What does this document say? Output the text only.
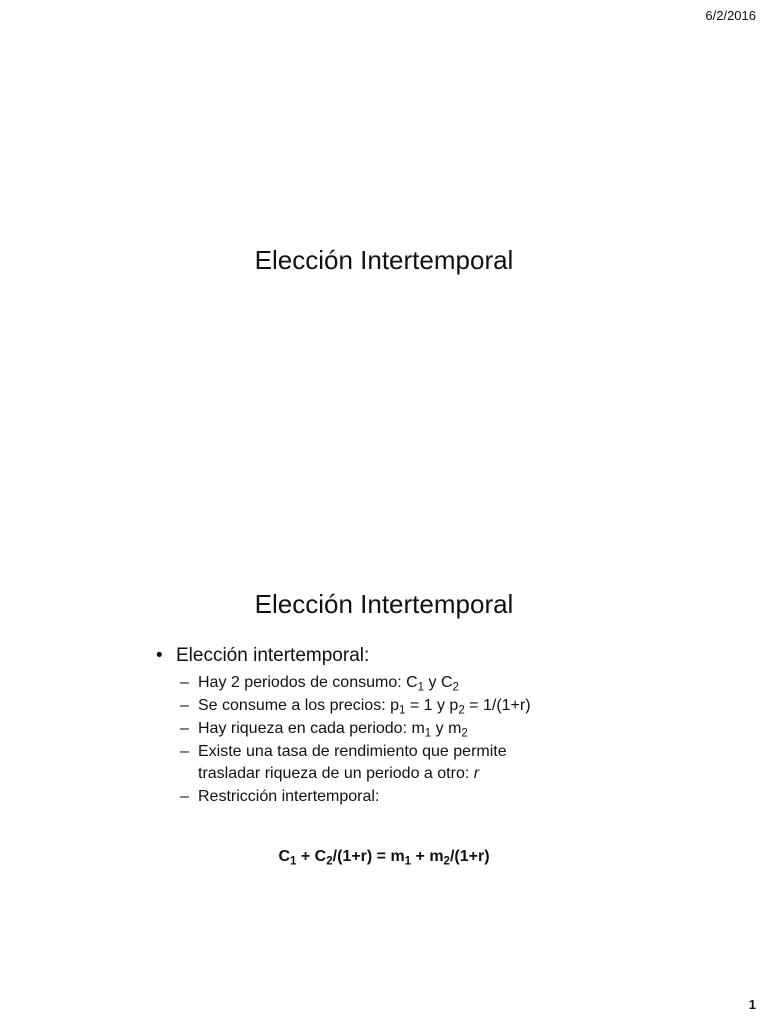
6/2/2016
Elección Intertemporal
Elección Intertemporal
• Elección intertemporal:
– Hay 2 periodos de consumo: $C_1$ y $C_2$
– Se consume a los precios: $p_1 = 1$ y $p_2 = 1/(1+r)$
– Hay riqueza en cada periodo: $m_1$ y $m_2$
– Existe una tasa de rendimiento que permite
trasladar riqueza de un periodo a otro: r
– Restricción intertemporal:
$C_1 + C_2/(1+r) = m_1 + m_2/(1+r)$
1
